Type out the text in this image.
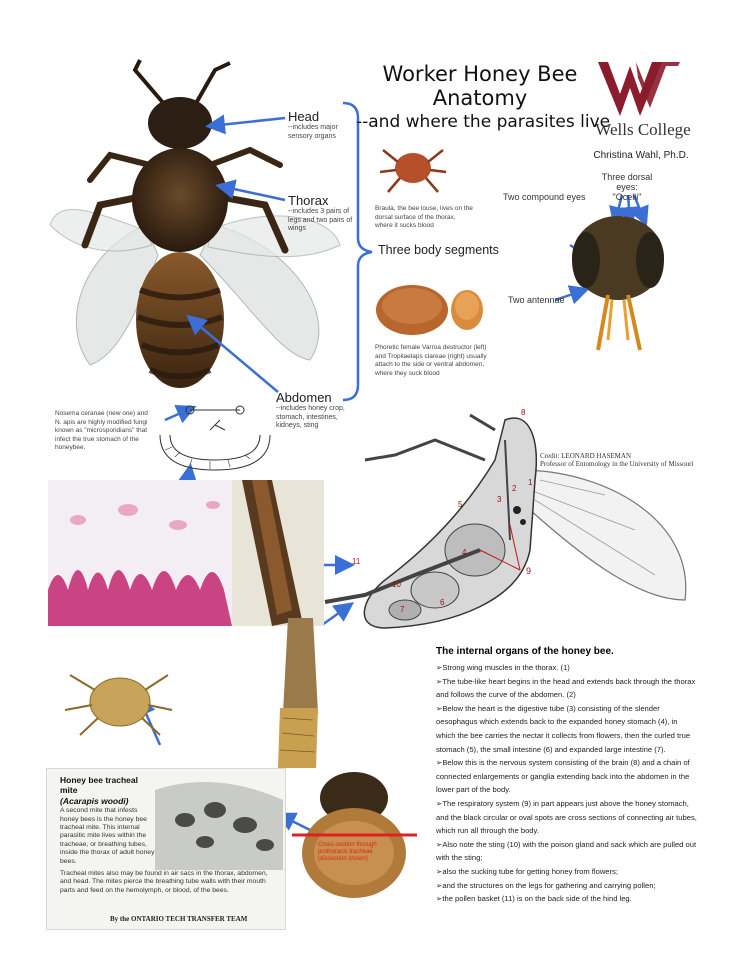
Head
--includes major sensory organs
Thorax
--includes 3 pairs of legs and two pairs of wings
Abdomen
--includes honey crop, stomach, intestines, kidneys, sting
Worker Honey Bee
Anatomy
--and where the parasites live
Wells College
Christina Wahl, Ph.D.
Braula, the bee louse, lives on the dorsal surface of the thorax, where it sucks blood
Three body segments
Phoretic female Varroa destructor (left) and Tropilaelaps clareae (right) usually attach to the side or ventral abdomen, where they suck blood
Two compound eyes
Three dorsal eyes:
"Ocelli"
Two antennae
Nosema ceranae (new one) and N. apis are highly modified fungi known as "microsporidians" that infect the true stomach of the honeybee.
8
1
2
3
4
5
6
7
9
10
11
Credit: LEONARD HASEMAN
Professor of Entomology in the University of Missouri
Honey bee tracheal mite
(Acarapis woodi)
A second mite that infests honey bees is the honey bee tracheal mite. This internal parasitic mite lives within the tracheae, or breathing tubes, inside the thorax of adult honey bees.
Tracheal mites also may be found in air sacs in the thorax, abdomen, and head. The mites pierce the breathing tube walls with their mouth parts and feed on the hemolymph, or blood, of the bees.
By the ONTARIO TECH TRANSFER TEAM
Cross-section through prothoracic tracheae (dissection shown)
The internal organs of the honey bee.

➢Strong wing muscles in the thorax. (1)

➢The tube-like heart begins in the head and extends back through the thorax and follows the curve of the abdomen. (2)

➢Below the heart is the digestive tube (3) consisting of the slender oesophagus which extends back to the expanded honey stomach (4), in which the bee carries the nectar it collects from flowers, then the curled true stomach (5), the small intestine (6) and expanded large intestine (7).

➢Below this is the nervous system consisting of the brain (8) and a chain of connected enlargements or ganglia extending back into the abdomen in the lower part of the body.

➢The respiratory system (9) in part appears just above the honey stomach, and the black circular or oval spots are cross sections of connecting air tubes, which run all through the body.

➢Also note the sting (10) with the poison gland and sack which are pulled out with the sting;

➢also the sucking tube for getting honey from flowers;

➢and the structures on the legs for gathering and carrying pollen;

➢the pollen basket (11) is on the back side of the hind leg.
